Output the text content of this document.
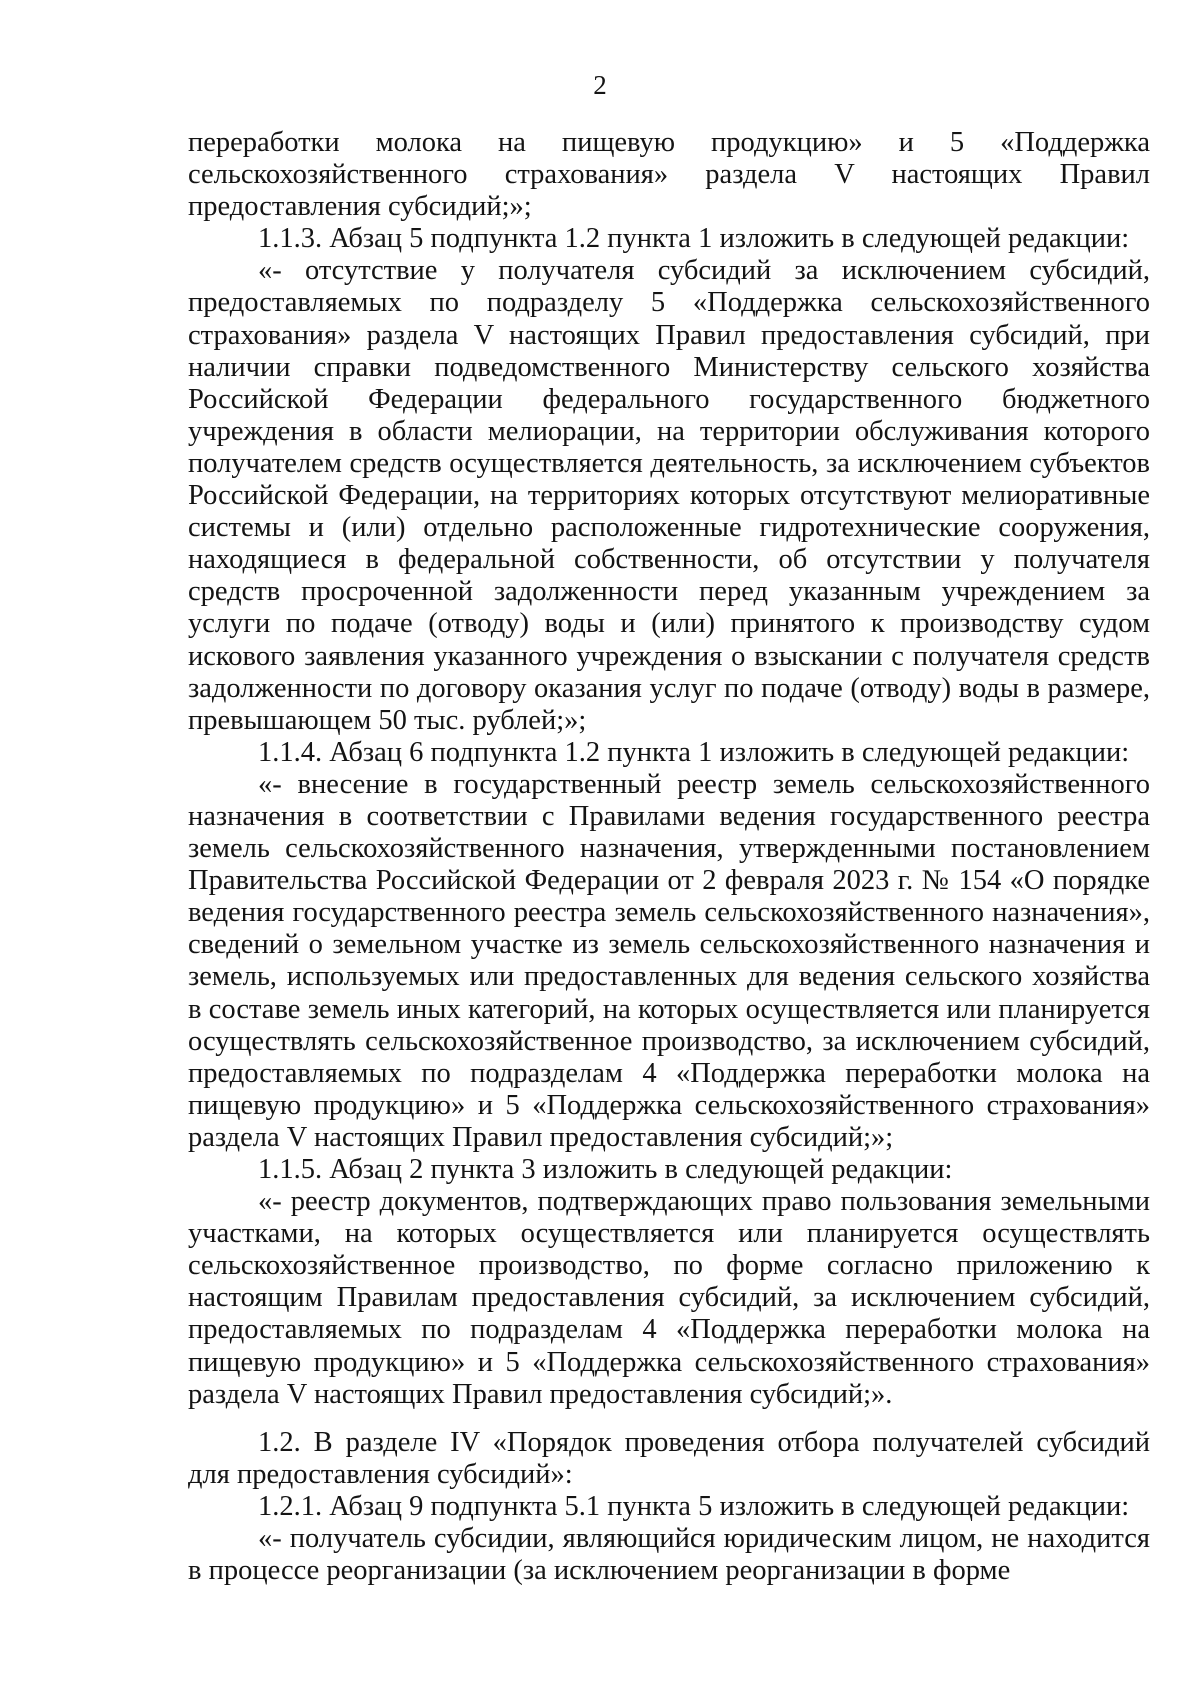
2

переработки молока на пищевую продукцию» и 5 «Поддержка сельскохозяйственного страхования» раздела V настоящих Правил предоставления субсидий;»;

1.1.3. Абзац 5 подпункта 1.2 пункта 1 изложить в следующей редакции:

«- отсутствие у получателя субсидий за исключением субсидий, предоставляемых по подразделу 5 «Поддержка сельскохозяйственного страхования» раздела V настоящих Правил предоставления субсидий, при наличии справки подведомственного Министерству сельского хозяйства Российской Федерации федерального государственного бюджетного учреждения в области мелиорации, на территории обслуживания которого получателем средств осуществляется деятельность, за исключением субъектов Российской Федерации, на территориях которых отсутствуют мелиоративные системы и (или) отдельно расположенные гидротехнические сооружения, находящиеся в федеральной собственности, об отсутствии у получателя средств просроченной задолженности перед указанным учреждением за услуги по подаче (отводу) воды и (или) принятого к производству судом искового заявления указанного учреждения о взыскании с получателя средств задолженности по договору оказания услуг по подаче (отводу) воды в размере, превышающем 50 тыс. рублей;»;

1.1.4. Абзац 6 подпункта 1.2 пункта 1 изложить в следующей редакции:

«- внесение в государственный реестр земель сельскохозяйственного назначения в соответствии с Правилами ведения государственного реестра земель сельскохозяйственного назначения, утвержденными постановлением Правительства Российской Федерации от 2 февраля 2023 г. № 154 «О порядке ведения государственного реестра земель сельскохозяйственного назначения», сведений о земельном участке из земель сельскохозяйственного назначения и земель, используемых или предоставленных для ведения сельского хозяйства в составе земель иных категорий, на которых осуществляется или планируется осуществлять сельскохозяйственное производство, за исключением субсидий, предоставляемых по подразделам 4 «Поддержка переработки молока на пищевую продукцию» и 5 «Поддержка сельскохозяйственного страхования» раздела V настоящих Правил предоставления субсидий;»;

1.1.5. Абзац 2 пункта 3 изложить в следующей редакции:

«- реестр документов, подтверждающих право пользования земельными участками, на которых осуществляется или планируется осуществлять сельскохозяйственное производство, по форме согласно приложению к настоящим Правилам предоставления субсидий, за исключением субсидий, предоставляемых по подразделам 4 «Поддержка переработки молока на пищевую продукцию» и 5 «Поддержка сельскохозяйственного страхования» раздела V настоящих Правил предоставления субсидий;».

1.2. В разделе IV «Порядок проведения отбора получателей субсидий для предоставления субсидий»:

1.2.1. Абзац 9 подпункта 5.1 пункта 5 изложить в следующей редакции:

«- получатель субсидии, являющийся юридическим лицом, не находится в процессе реорганизации (за исключением реорганизации в форме
